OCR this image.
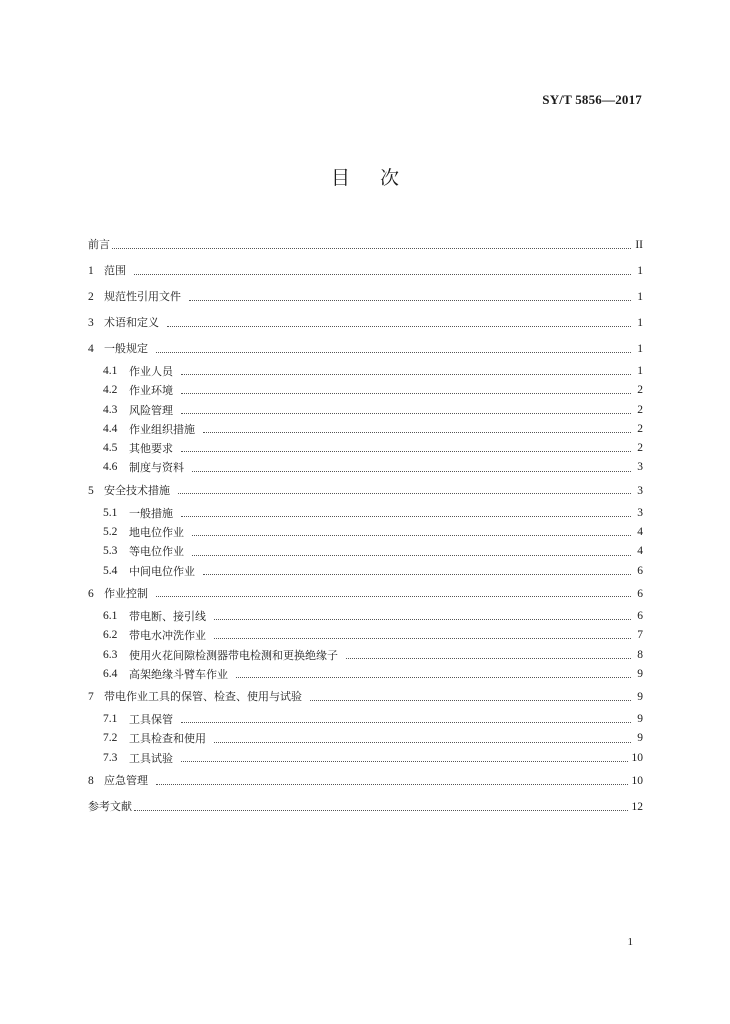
SY/T 5856—2017
目次
前言	II
1 范围	1
2 规范性引用文件	1
3 术语和定义	1
4 一般规定	1
4.1	作业人员	1
4.2	作业环境	2
4.3	风险管理	2
4.4	作业组织措施	2
4.5	其他要求	2
4.6	制度与资料	3
5 安全技术措施	3
5.1	一般措施	3
5.2	地电位作业	4
5.3	等电位作业	4
5.4	中间电位作业	6
6 作业控制	6
6.1	带电断、接引线	6
6.2	带电水冲洗作业	7
6.3	使用火花间隙检测器带电检测和更换绝缘子	8
6.4	高架绝缘斗臂车作业	9
7 带电作业工具的保管、检查、使用与试验	9
7.1	工具保管	9
7.2	工具检查和使用	9
7.3	工具试验	10
8 应急管理	10
参考文献	12
1
